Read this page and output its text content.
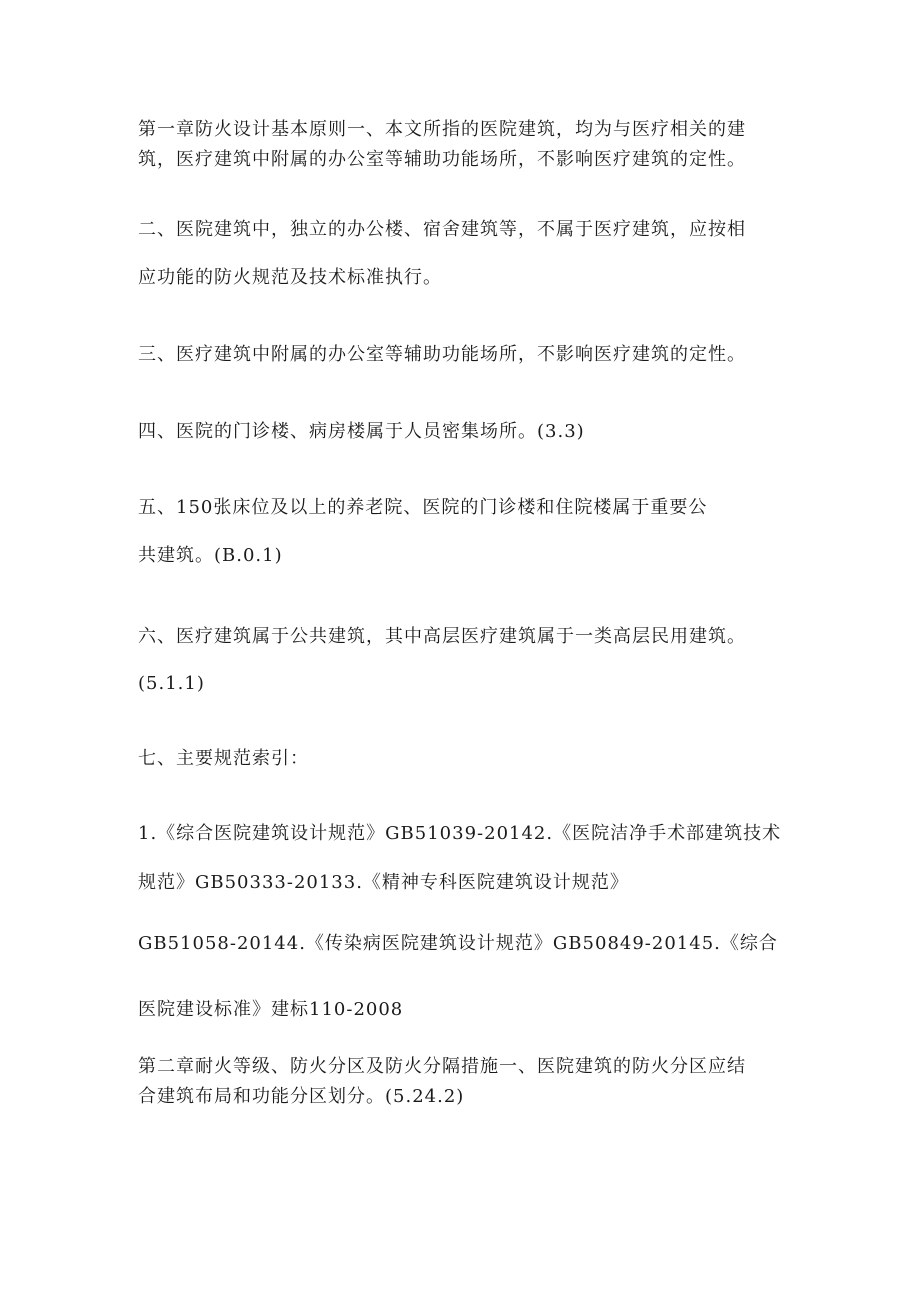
第一章防火设计基本原则一、本文所指的医院建筑，均为与医疗相关的建
筑，医疗建筑中附属的办公室等辅助功能场所，不影响医疗建筑的定性。
二、医院建筑中，独立的办公楼、宿舍建筑等，不属于医疗建筑，应按相
应功能的防火规范及技术标准执行。
三、医疗建筑中附属的办公室等辅助功能场所，不影响医疗建筑的定性。
四、医院的门诊楼、病房楼属于人员密集场所。(3.3)
五、150张床位及以上的养老院、医院的门诊楼和住院楼属于重要公
共建筑。(B.0.1)
六、医疗建筑属于公共建筑，其中高层医疗建筑属于一类高层民用建筑。
(5.1.1)
七、主要规范索引：
1.《综合医院建筑设计规范》GB51039-20142.《医院洁净手术部建筑技术
规范》GB50333-20133.《精神专科医院建筑设计规范》
GB51058-20144.《传染病医院建筑设计规范》GB50849-20145.《综合
医院建设标准》建标110-2008
第二章耐火等级、防火分区及防火分隔措施一、医院建筑的防火分区应结
合建筑布局和功能分区划分。(5.24.2)
